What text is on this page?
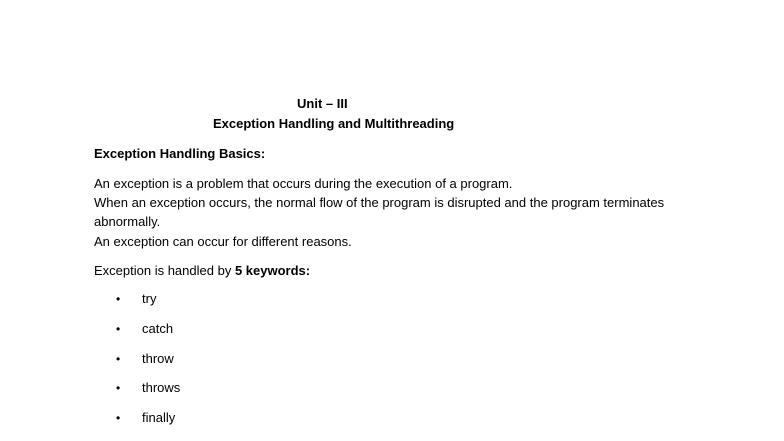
Unit – III
Exception Handling and Multithreading
Exception Handling Basics:
An exception is a problem that occurs during the execution of a program.
When an exception occurs, the normal flow of the program is disrupted and the program terminates abnormally.
An exception can occur for different reasons.
Exception is handled by 5 keywords:
• try
• catch
• throw
• throws
• finally
